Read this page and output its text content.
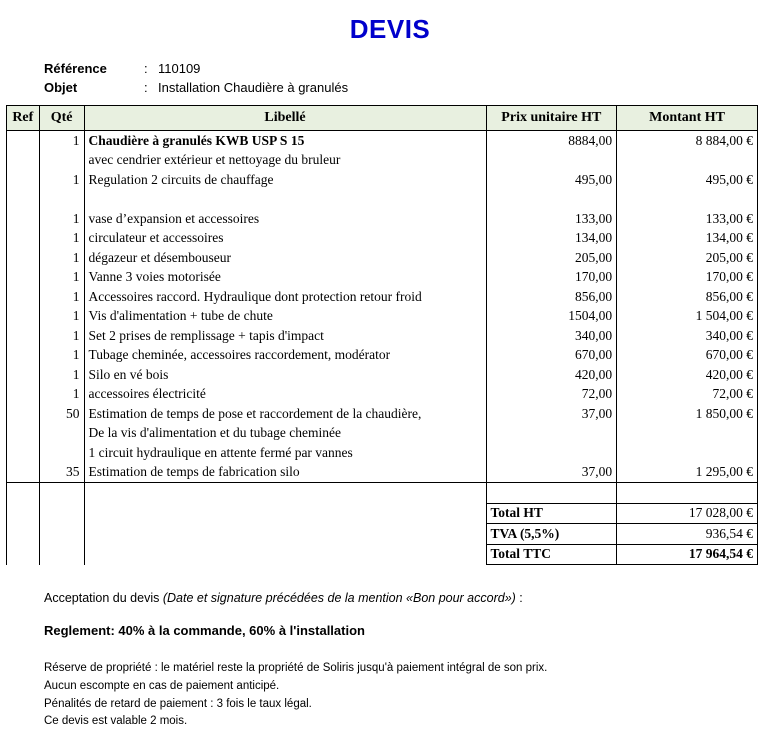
DEVIS
Référence	: 110109
Objet	: Installation Chaudière à granulés
Ref	Qté	Libellé	Prix unitaire HT	Montant HT
	1	Chaudière à granulés KWB USP S 15	8884,00	8 884,00 €
		avec cendrier extérieur et nettoyage du bruleur		
	1	Regulation 2 circuits de chauffage	495,00	495,00 €

	1	vase d’expansion et accessoires	133,00	133,00 €
	1	circulateur et accessoires	134,00	134,00 €
	1	dégazeur et désembouseur	205,00	205,00 €
	1	Vanne 3 voies motorisée	170,00	170,00 €
	1	Accessoires raccord. Hydraulique dont protection retour froid	856,00	856,00 €
	1	Vis d'alimentation + tube de chute	1504,00	1 504,00 €
	1	Set 2 prises de remplissage + tapis d'impact	340,00	340,00 €
	1	Tubage cheminée, accessoires raccordement, modérator	670,00	670,00 €
	1	Silo en vé bois	420,00	420,00 €
	1	accessoires électricité	72,00	72,00 €
	50	Estimation de temps de pose et raccordement de la chaudière,	37,00	1 850,00 €
		De la vis d'alimentation et du tubage cheminée		
		1 circuit hydraulique en attente fermé par vannes		
	35	Estimation de temps de fabrication silo	37,00	1 295,00 €

			Total HT	17 028,00 €
			TVA (5,5%)	936,54 €
			Total TTC	17 964,54 €
Acceptation du devis (Date et signature précédées de la mention «Bon pour accord») :
Reglement: 40% à la commande, 60% à l'installation
Réserve de propriété : le matériel reste la propriété de Soliris jusqu'à paiement intégral de son prix.
Aucun escompte en cas de paiement anticipé.
Pénalités de retard de paiement : 3 fois le taux légal.
Ce devis est valable 2 mois.
